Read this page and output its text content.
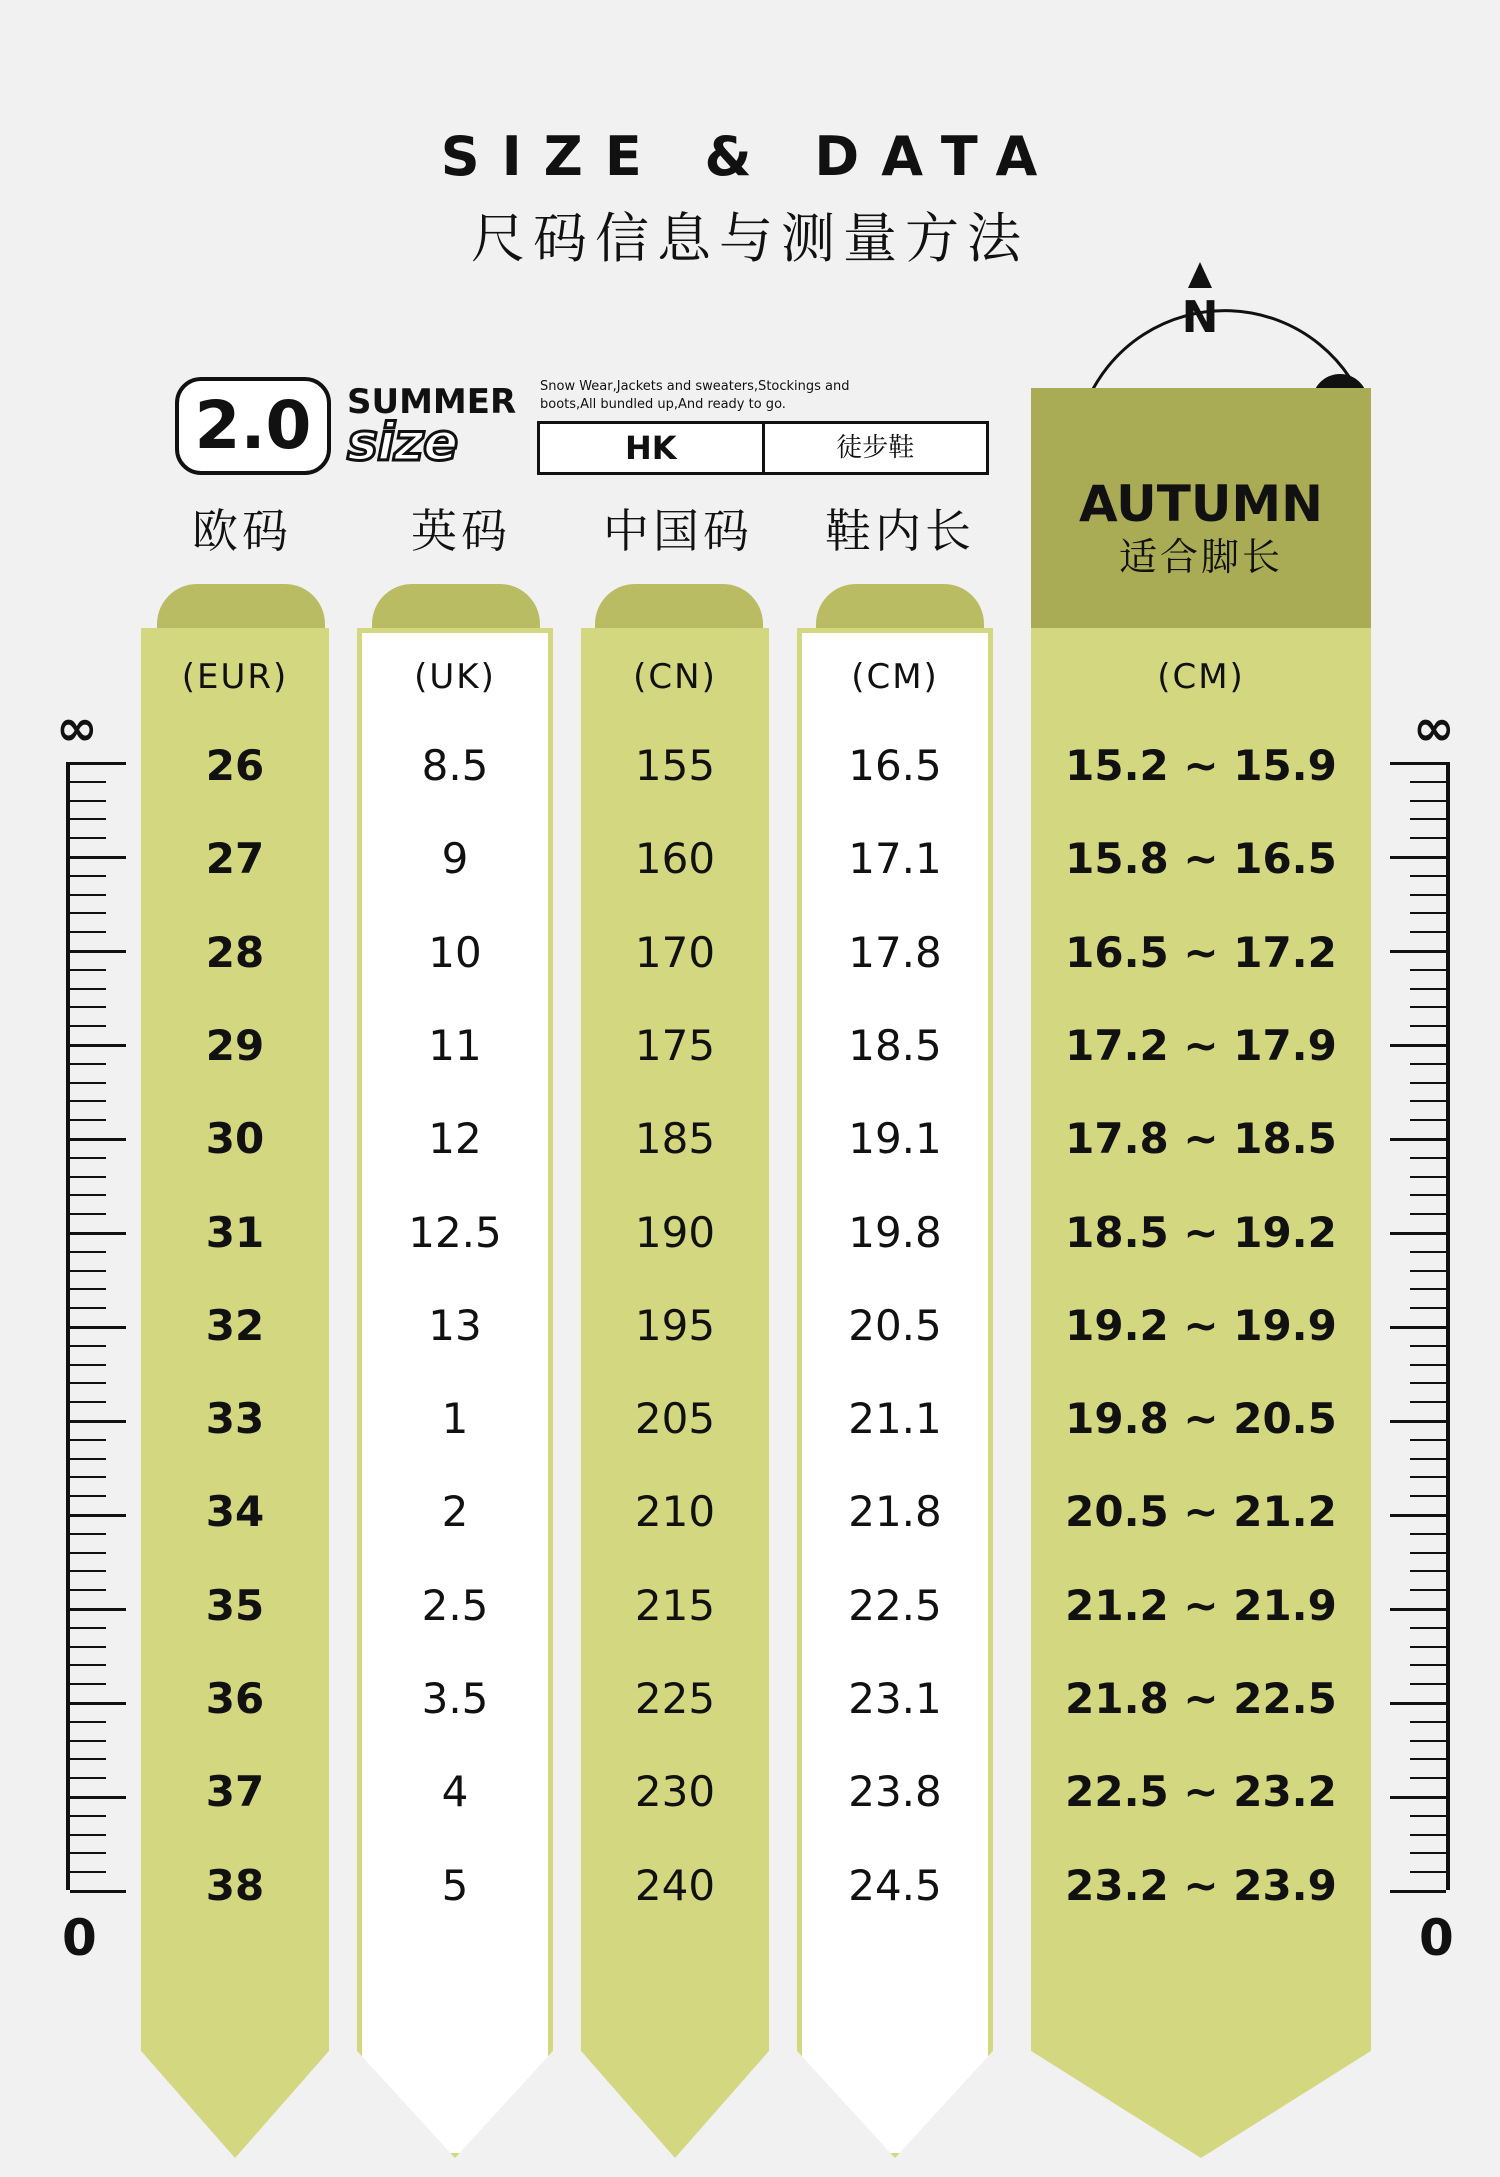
SIZE & DATA
尺码信息与测量方法
2.0	SUMMER
size
Snow Wear,Jackets and sweaters,Stockings and boots,All bundled up,And ready to go.
HK	徒步鞋
N
AUTUMN
适合脚长
欧码	英码	中国码	鞋内长
(EUR)	(UK)	(CN)	(CM)	(CM)
26	8.5	155	16.5	15.2 ~ 15.9
27	9	160	17.1	15.8 ~ 16.5
28	10	170	17.8	16.5 ~ 17.2
29	11	175	18.5	17.2 ~ 17.9
30	12	185	19.1	17.8 ~ 18.5
31	12.5	190	19.8	18.5 ~ 19.2
32	13	195	20.5	19.2 ~ 19.9
33	1	205	21.1	19.8 ~ 20.5
34	2	210	21.8	20.5 ~ 21.2
35	2.5	215	22.5	21.2 ~ 21.9
36	3.5	225	23.1	21.8 ~ 22.5
37	4	230	23.8	22.5 ~ 23.2
38	5	240	24.5	23.2 ~ 23.9
∞
0
∞
0
